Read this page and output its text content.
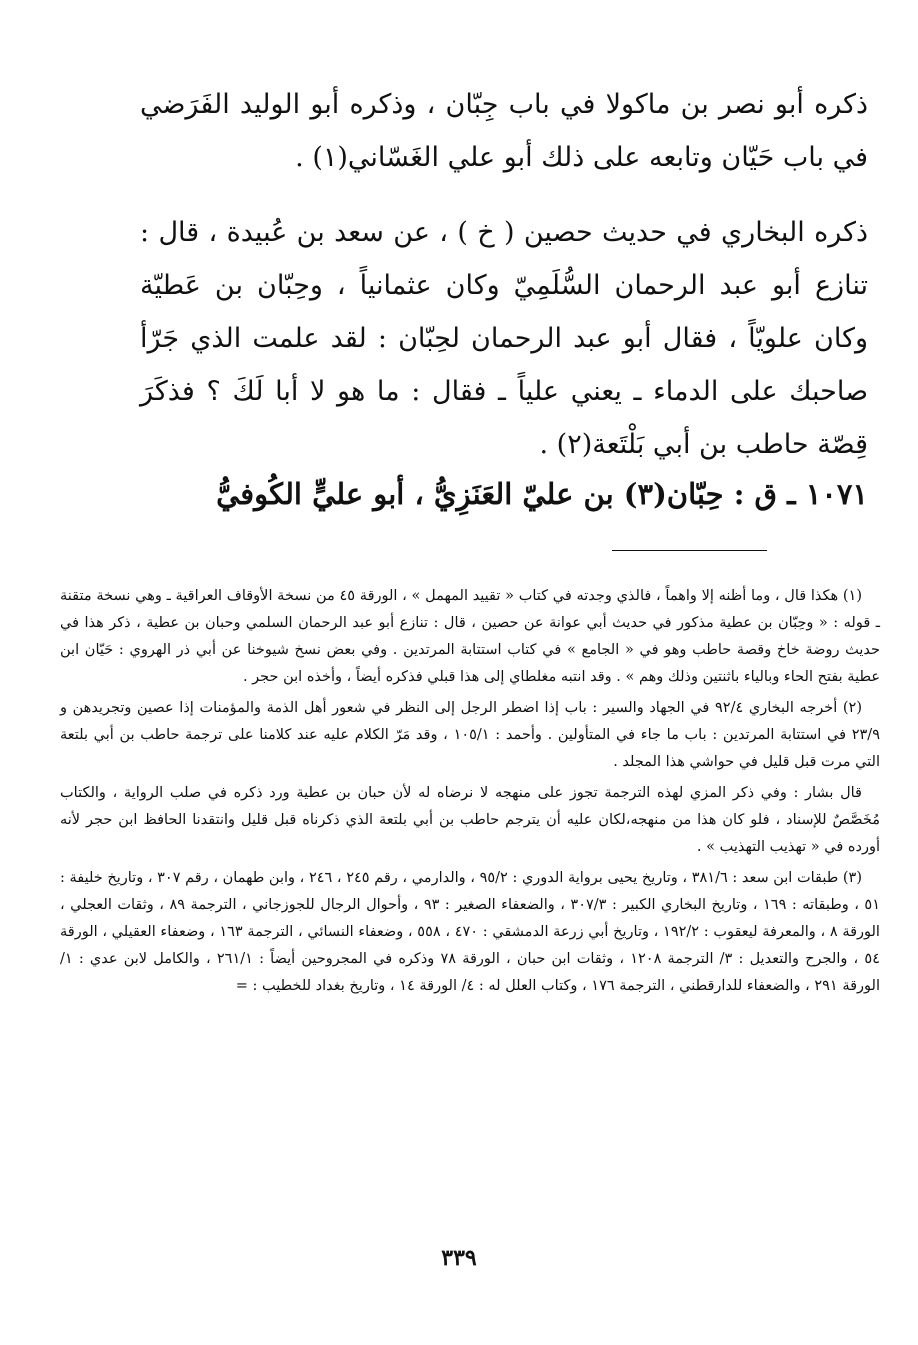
ذكره أبو نصر بن ماكولا في باب جِبّان ، وذكره أبو الوليد الفَرَضي في باب حَيّان وتابعه على ذلك أبو علي الغَسّاني(١) .

ذكره البخاري في حديث حصين ( خ ) ، عن سعد بن عُبيدة ، قال : تنازع أبو عبد الرحمان السُّلَمِيّ وكان عثمانياً ، وحِبّان بن عَطيّة وكان علويّاً ، فقال أبو عبد الرحمان لحِبّان : لقد علمت الذي جَرّأ صاحبك على الدماء ـ يعني علياً ـ فقال : ما هو لا أبا لَكَ ؟ فذكَرَ قِصّة حاطب بن أبي بَلْتَعة(٢) .

١٠٧١ ـ ق : حِبّان(٣) بن عليّ العَنَزِيُّ ، أبو عليٍّ الكُوفيُّ

(١) هكذا قال ، وما أظنه إلا واهماً ، فالذي وجدته في كتاب « تقييد المهمل » ، الورقة ٤٥ من نسخة الأوقاف العراقية ـ وهي نسخة متقنة ـ قوله : « وحِبّان بن عطية مذكور في حديث أبي عوانة عن حصين ، قال : تنازع أبو عبد الرحمان السلمي وحبان بن عطية ، ذكر هذا في حديث روضة خاخ وقصة حاطب وهو في « الجامع » في كتاب استتابة المرتدين . وفي بعض نسخ شيوخنا عن أبي ذر الهروي : حَيّان ابن عطية بفتح الحاء وبالياء باثنتين وذلك وهم » . وقد انتبه مغلطاي إلى هذا قبلي فذكره أيضاً ، وأخذه ابن حجر .

(٢) أخرجه البخاري ٩٢/٤ في الجهاد والسير : باب إذا اضطر الرجل إلى النظر في شعور أهل الذمة والمؤمنات إذا عصين وتجريدهن و ٢٣/٩ في استتابة المرتدين : باب ما جاء في المتأولين . وأحمد : ١٠٥/١ ، وقد مَرّ الكلام عليه عند كلامنا على ترجمة حاطب بن أبي بلتعة التي مرت قبل قليل في حواشي هذا المجلد .

قال بشار : وفي ذكر المزي لهذه الترجمة تجوز على منهجه لا نرضاه له لأن حبان بن عطية ورد ذكره في صلب الرواية ، والكتاب مُخَصَّصٌ للإسناد ، فلو كان هذا من منهجه،لكان عليه أن يترجم حاطب بن أبي بلتعة الذي ذكرناه قبل قليل وانتقدنا الحافظ ابن حجر لأنه أورده في « تهذيب التهذيب » .

(٣) طبقات ابن سعد : ٣٨١/٦ ، وتاريخ يحيى برواية الدوري : ٩٥/٢ ، والدارمي ، رقم ٢٤٥ ، ٢٤٦ ، وابن طهمان ، رقم ٣٠٧ ، وتاريخ خليفة : ٥١ ، وطبقاته : ١٦٩ ، وتاريخ البخاري الكبير : ٣٠٧/٣ ، والضعفاء الصغير : ٩٣ ، وأحوال الرجال للجوزجاني ، الترجمة ٨٩ ، وثقات العجلي ، الورقة ٨ ، والمعرفة ليعقوب : ١٩٢/٢ ، وتاريخ أبي زرعة الدمشقي : ٤٧٠ ، ٥٥٨ ، وضعفاء النسائي ، الترجمة ١٦٣ ، وضعفاء العقيلي ، الورقة ٥٤ ، والجرح والتعديل : ٣/ الترجمة ١٢٠٨ ، وثقات ابن حبان ، الورقة ٧٨ وذكره في المجروحين أيضاً : ٢٦١/١ ، والكامل لابن عدي : ١/ الورقة ٢٩١ ، والضعفاء للدارقطني ، الترجمة ١٧٦ ، وكتاب العلل له : ٤/ الورقة ١٤ ، وتاريخ بغداد للخطيب : =

٣٣٩
